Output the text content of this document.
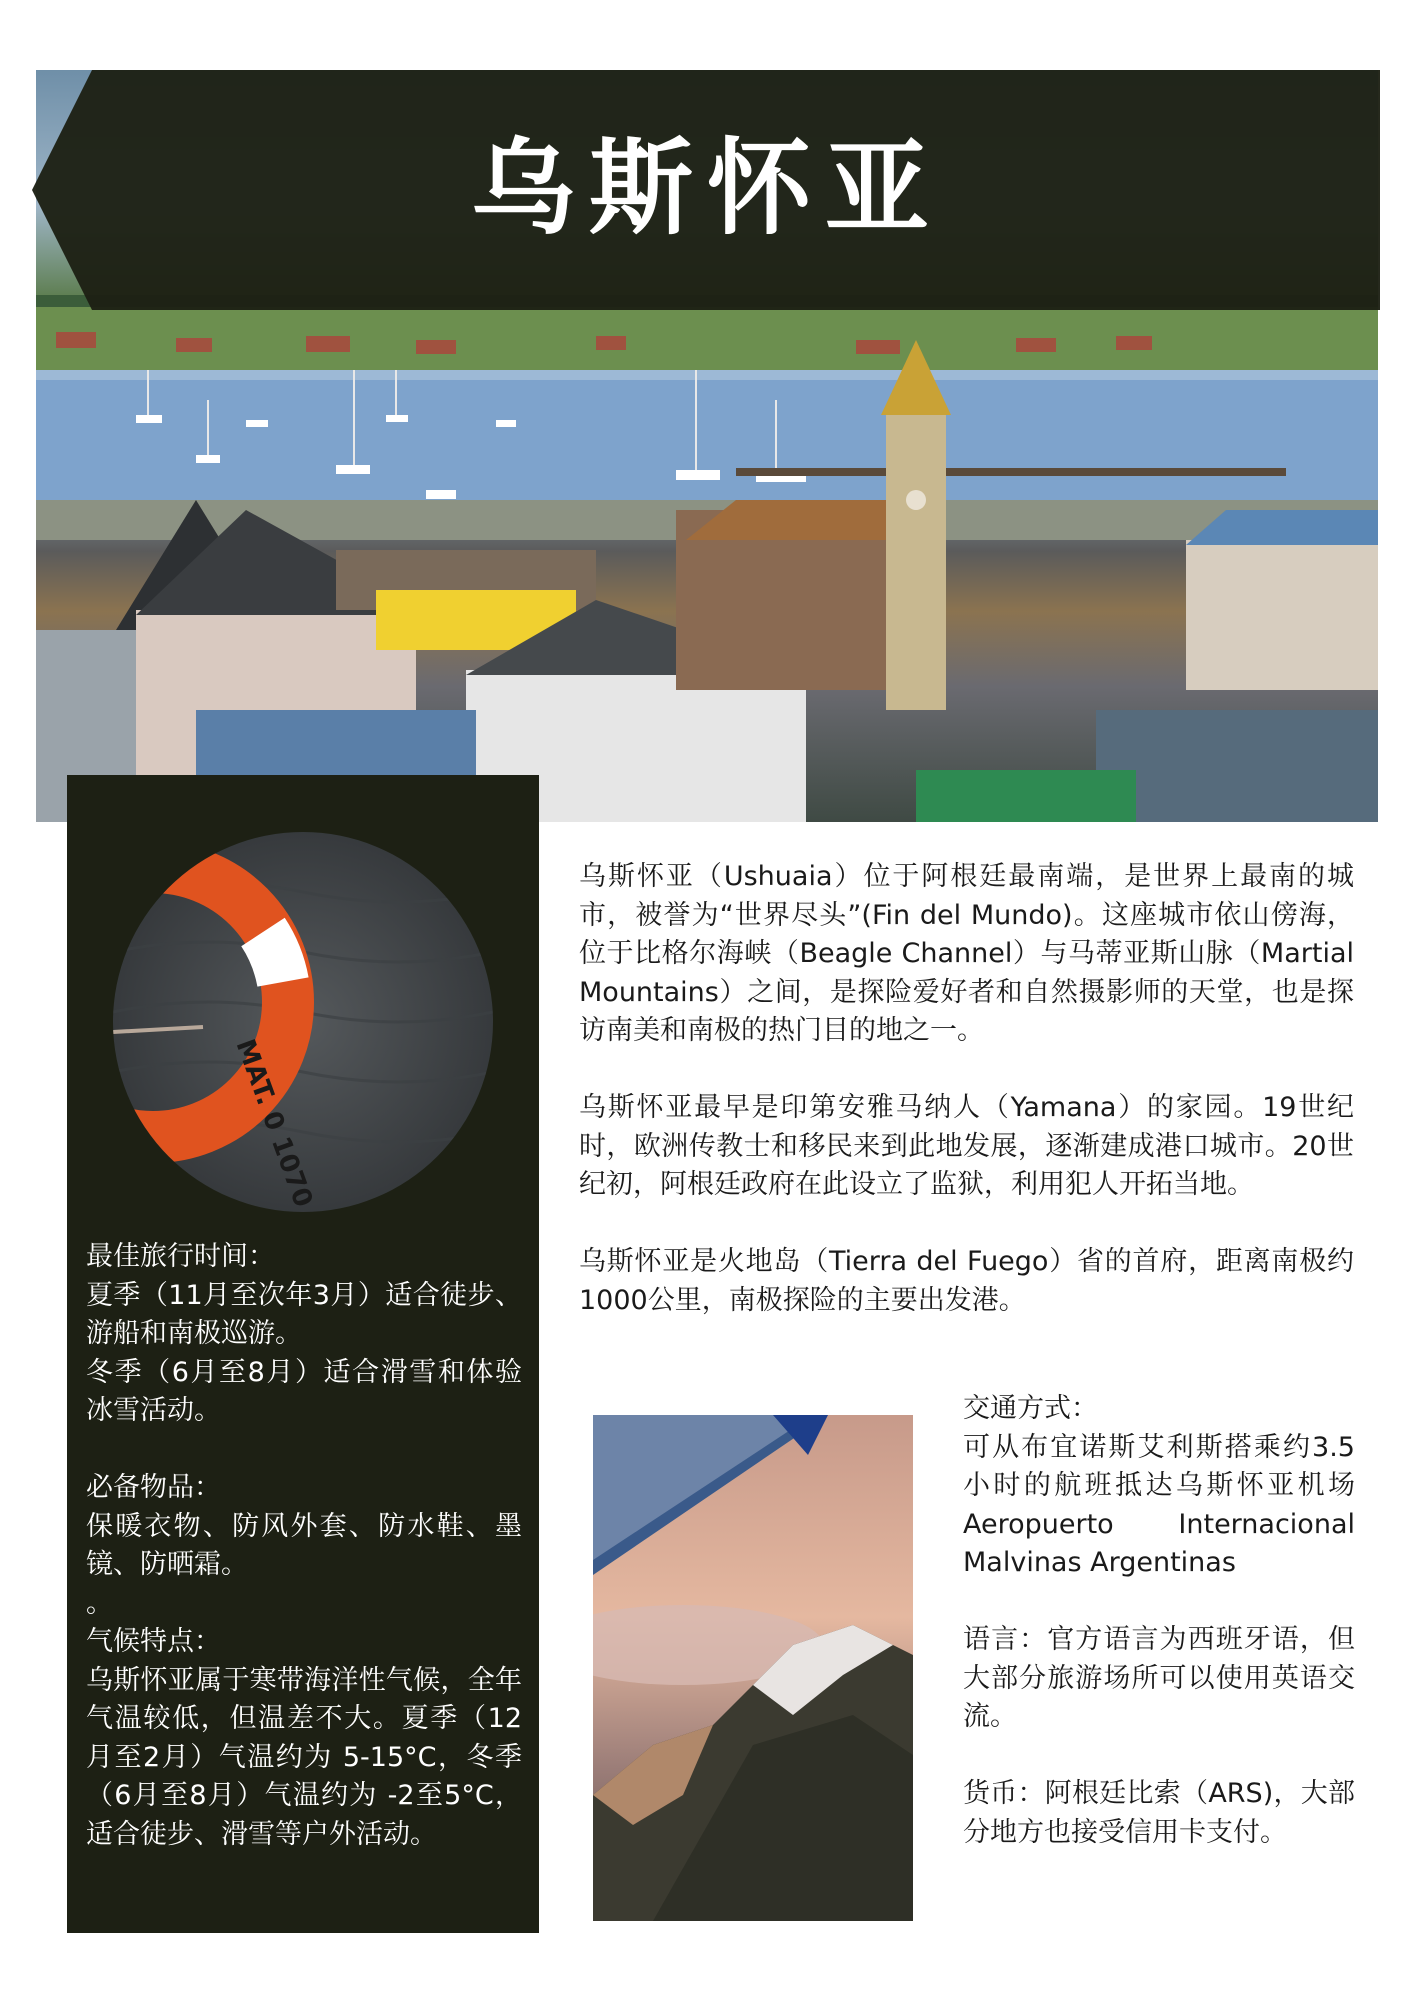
乌斯怀亚
MAT. 0 1070

最佳旅行时间：

夏季（11月至次年3月）适合徒步、游船和南极巡游。

冬季（6月至8月）适合滑雪和体验冰雪活动。

必备物品：

保暖衣物、防风外套、防水鞋、墨镜、防晒霜。

。

气候特点：

乌斯怀亚属于寒带海洋性气候，全年气温较低，但温差不大。夏季（12月至2月）气温约为 5-15°C，冬季（6月至8月）气温约为 -2至5°C，适合徒步、滑雪等户外活动。

乌斯怀亚（Ushuaia）位于阿根廷最南端，是世界上最南的城市，被誉为“世界尽头”(Fin del Mundo)。这座城市依山傍海，位于比格尔海峡（Beagle Channel）与马蒂亚斯山脉（Martial Mountains）之间，是探险爱好者和自然摄影师的天堂，也是探访南美和南极的热门目的地之一。

乌斯怀亚最早是印第安雅马纳人（Yamana）的家园。19世纪时，欧洲传教士和移民来到此地发展，逐渐建成港口城市。20世纪初，阿根廷政府在此设立了监狱，利用犯人开拓当地。

乌斯怀亚是火地岛（Tierra del Fuego）省的首府，距离南极约1000公里，南极探险的主要出发港。

交通方式：

可从布宜诺斯艾利斯搭乘约3.5小时的航班抵达乌斯怀亚机场Aeropuerto Internacional Malvinas Argentinas

语言：官方语言为西班牙语，但大部分旅游场所可以使用英语交流。

货币：阿根廷比索（ARS)，大部分地方也接受信用卡支付。
